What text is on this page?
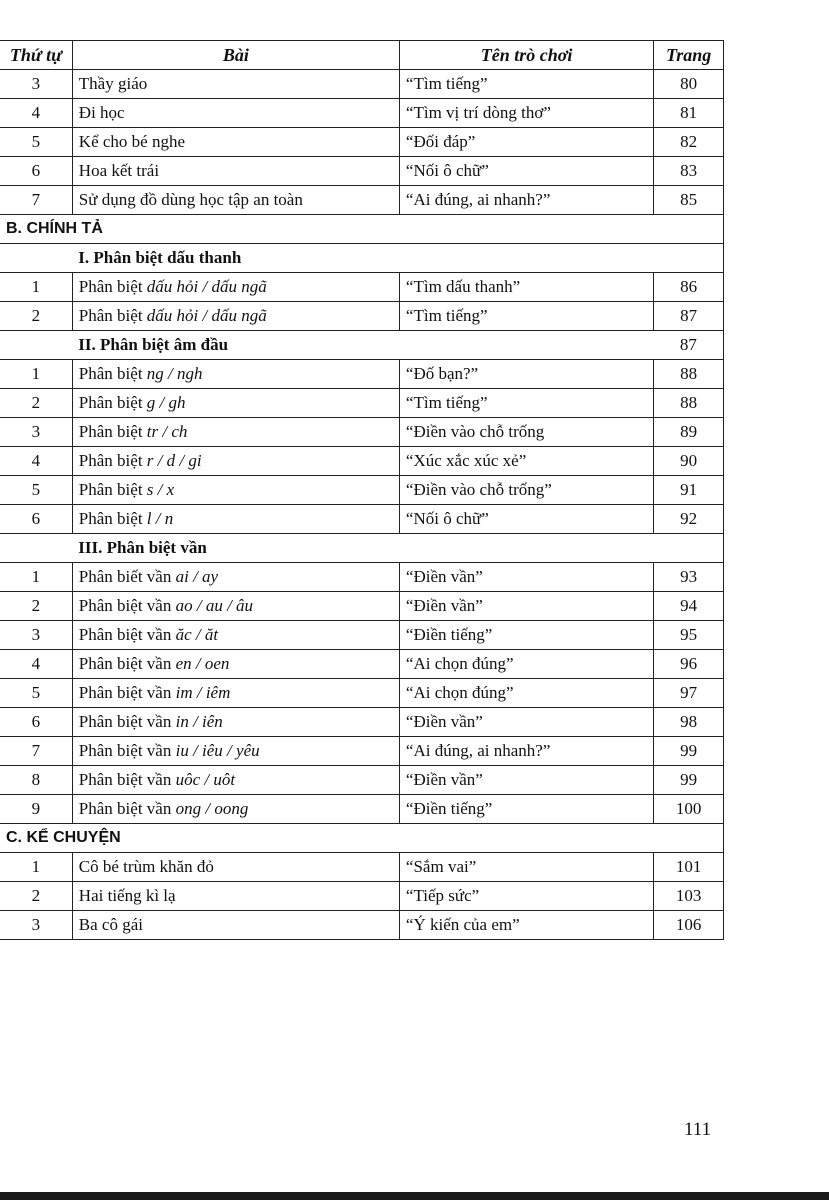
Thứ tự	Bài	Tên trò chơi	Trang
3	Thầy giáo	“Tìm tiếng”	80
4	Đi học	“Tìm vị trí dòng thơ”	81
5	Kể cho bé nghe	“Đối đáp”	82
6	Hoa kết trái	“Nối ô chữ”	83
7	Sử dụng đồ dùng học tập an toàn	“Ai đúng, ai nhanh?”	85
B. CHÍNH TẢ			
	I. Phân biệt dấu thanh		
1	Phân biệt dấu hỏi / dấu ngã	“Tìm dấu thanh”	86
2	Phân biệt dấu hỏi / dấu ngã	“Tìm tiếng”	87
	II. Phân biệt âm đầu		87
1	Phân biệt ng / ngh	“Đố bạn?”	88
2	Phân biệt g / gh	“Tìm tiếng”	88
3	Phân biệt tr / ch	“Điền vào chỗ trống	89
4	Phân biệt r / d / gi	“Xúc xắc xúc xẻ”	90
5	Phân biệt s / x	“Điền vào chỗ trống”	91
6	Phân biệt l / n	“Nối ô chữ”	92
	III. Phân biệt vần		
1	Phân biết vần ai / ay	“Điền vần”	93
2	Phân biệt vần ao / au / âu	“Điền vần”	94
3	Phân biệt vần ăc / ăt	“Điền tiếng”	95
4	Phân biệt vần en / oen	“Ai chọn đúng”	96
5	Phân biệt vần im / iêm	“Ai chọn đúng”	97
6	Phân biệt vần in / iên	“Điền vần”	98
7	Phân biệt vần iu / iêu / yêu	“Ai đúng, ai nhanh?”	99
8	Phân biệt vần uôc / uôt	“Điền vần”	99
9	Phân biệt vần ong / oong	“Điền tiếng”	100
C. KỂ CHUYỆN			
1	Cô bé trùm khăn đỏ	“Sắm vai”	101
2	Hai tiếng kì lạ	“Tiếp sức”	103
3	Ba cô gái	“Ý kiến của em”	106
111
